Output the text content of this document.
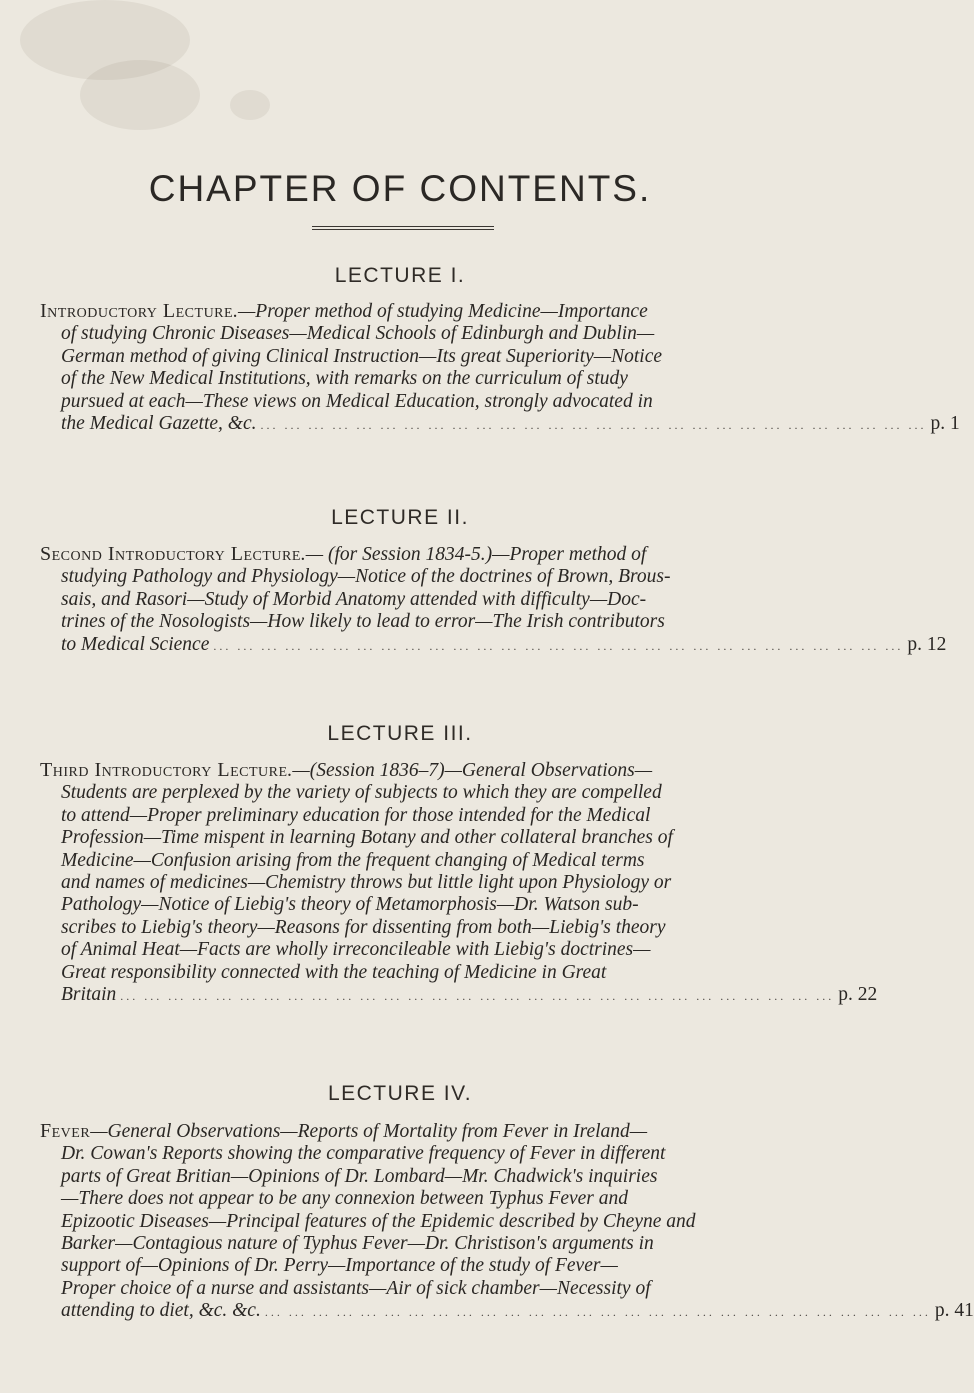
CHAPTER OF CONTENTS.
LECTURE I.
Introductory Lecture.—Proper method of studying Medicine—Importance
of studying Chronic Diseases—Medical Schools of Edinburgh and Dublin—
German method of giving Clinical Instruction—Its great Superiority—Notice
of the New Medical Institutions, with remarks on the curriculum of study
pursued at each—These views on Medical Education, strongly advocated in
the Medical Gazette, &c. ... ... ... ... ... ... ... ... ... ... ... ... ... ... ... ... ... ... ... ... ... ... ... ... ... ... ... ... p. 1
LECTURE II.
Second Introductory Lecture.— (for Session 1834-5.)—Proper method of
studying Pathology and Physiology—Notice of the doctrines of Brown, Brous-
sais, and Rasori—Study of Morbid Anatomy attended with difficulty—Doc-
trines of the Nosologists—How likely to lead to error—The Irish contributors
to Medical Science ... ... ... ... ... ... ... ... ... ... ... ... ... ... ... ... ... ... ... ... ... ... ... ... ... ... ... ... ... p. 12
LECTURE III.
Third Introductory Lecture.—(Session 1836–7)—General Observations—
Students are perplexed by the variety of subjects to which they are compelled
to attend—Proper preliminary education for those intended for the Medical
Profession—Time mispent in learning Botany and other collateral branches of
Medicine—Confusion arising from the frequent changing of Medical terms
and names of medicines—Chemistry throws but little light upon Physiology or
Pathology—Notice of Liebig's theory of Metamorphosis—Dr. Watson sub-
scribes to Liebig's theory—Reasons for dissenting from both—Liebig's theory
of Animal Heat—Facts are wholly irreconcileable with Liebig's doctrines—
Great responsibility connected with the teaching of Medicine in Great
Britain ... ... ... ... ... ... ... ... ... ... ... ... ... ... ... ... ... ... ... ... ... ... ... ... ... ... ... ... ... ... p. 22
LECTURE IV.
Fever—General Observations—Reports of Mortality from Fever in Ireland—
Dr. Cowan's Reports showing the comparative frequency of Fever in different
parts of Great Britian—Opinions of Dr. Lombard—Mr. Chadwick's inquiries
—There does not appear to be any connexion between Typhus Fever and
Epizootic Diseases—Principal features of the Epidemic described by Cheyne and
Barker—Contagious nature of Typhus Fever—Dr. Christison's arguments in
support of—Opinions of Dr. Perry—Importance of the study of Fever—
Proper choice of a nurse and assistants—Air of sick chamber—Necessity of
attending to diet, &c. &c. ... ... ... ... ... ... ... ... ... ... ... ... ... ... ... ... ... ... ... ... ... ... ... ... ... ... ... ... p. 41
